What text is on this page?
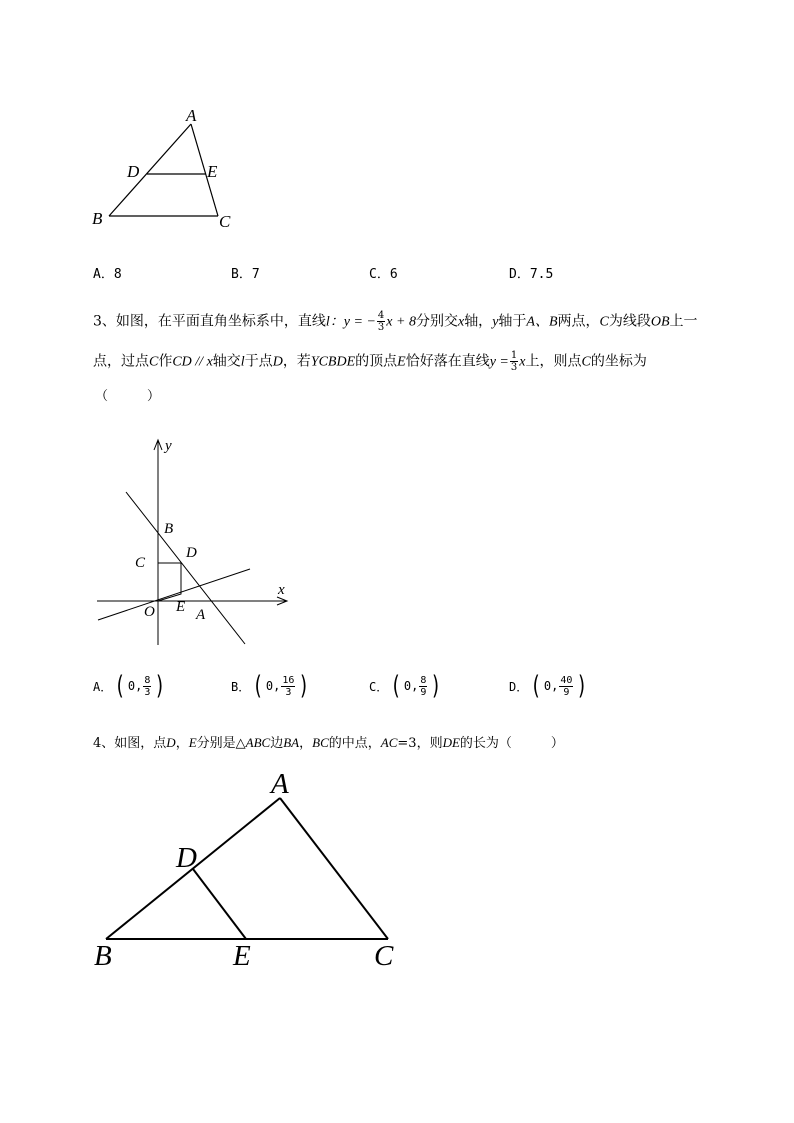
A
D	E
B	C
A．8	B．7	C．6	D．7.5
3、如图，在平面直角坐标系中，直线l：y = − $\frac{4}{3}$ x + 8分别交x轴，y轴于A、B两点，C为线段OB上一
点，过点C作CD // x轴交l于点D，若YCBDE的顶点E恰好落在直线$y = \frac{1}{3}$ x上，则点C的坐标为
（　　　）
y
x
B
C
D
O E A
A． ( 0, $\frac{8}{3}$ )	B． ( 0, $\frac{16}{3}$ )	C． ( 0, $\frac{8}{9}$ )	D． ( 0, $\frac{40}{9}$ )
4、如图，点D，E分别是△ABC边BA，BC的中点，AC=3，则DE的长为（　　　）
A
D
B	E	C
